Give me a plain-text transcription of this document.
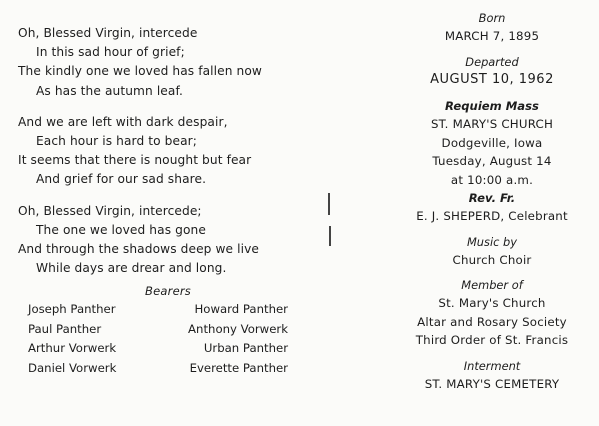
Oh, Blessed Virgin, intercede
In this sad hour of grief;
The kindly one we loved has fallen now
As has the autumn leaf.
And we are left with dark despair,
Each hour is hard to bear;
It seems that there is nought but fear
And grief for our sad share.
Oh, Blessed Virgin, intercede;
The one we loved has gone
And through the shadows deep we live
While days are drear and long.
Bearers
Joseph Panther	Howard Panther
Paul Panther	Anthony Vorwerk
Arthur Vorwerk	Urban Panther
Daniel Vorwerk	Everette Panther
Born
MARCH 7, 1895
Departed
AUGUST 10, 1962
Requiem Mass
ST. MARY'S CHURCH
Dodgeville, Iowa
Tuesday, August 14
at 10:00 a.m.
Rev. Fr.
E. J. SHEPERD, Celebrant
Music by
Church Choir
Member of
St. Mary's Church
Altar and Rosary Society
Third Order of St. Francis
Interment
ST. MARY'S CEMETERY
